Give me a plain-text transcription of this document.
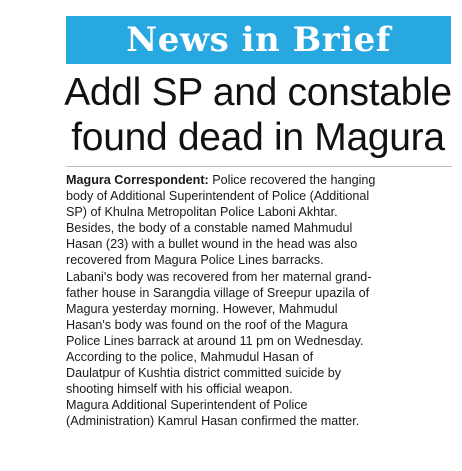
News in Brief
Addl SP and constable
found dead in Magura
Magura Correspondent: Police recovered the hanging
body of Additional Superintendent of Police (Additional
SP) of Khulna Metropolitan Police Laboni Akhtar.
Besides, the body of a constable named Mahmudul
Hasan (23) with a bullet wound in the head was also
recovered from Magura Police Lines barracks.
Labani's body was recovered from her maternal grand-
father house in Sarangdia village of Sreepur upazila of
Magura yesterday morning. However, Mahmudul
Hasan's body was found on the roof of the Magura
Police Lines barrack at around 11 pm on Wednesday.
According to the police, Mahmudul Hasan of
Daulatpur of Kushtia district committed suicide by
shooting himself with his official weapon.
Magura Additional Superintendent of Police
(Administration) Kamrul Hasan confirmed the matter.
